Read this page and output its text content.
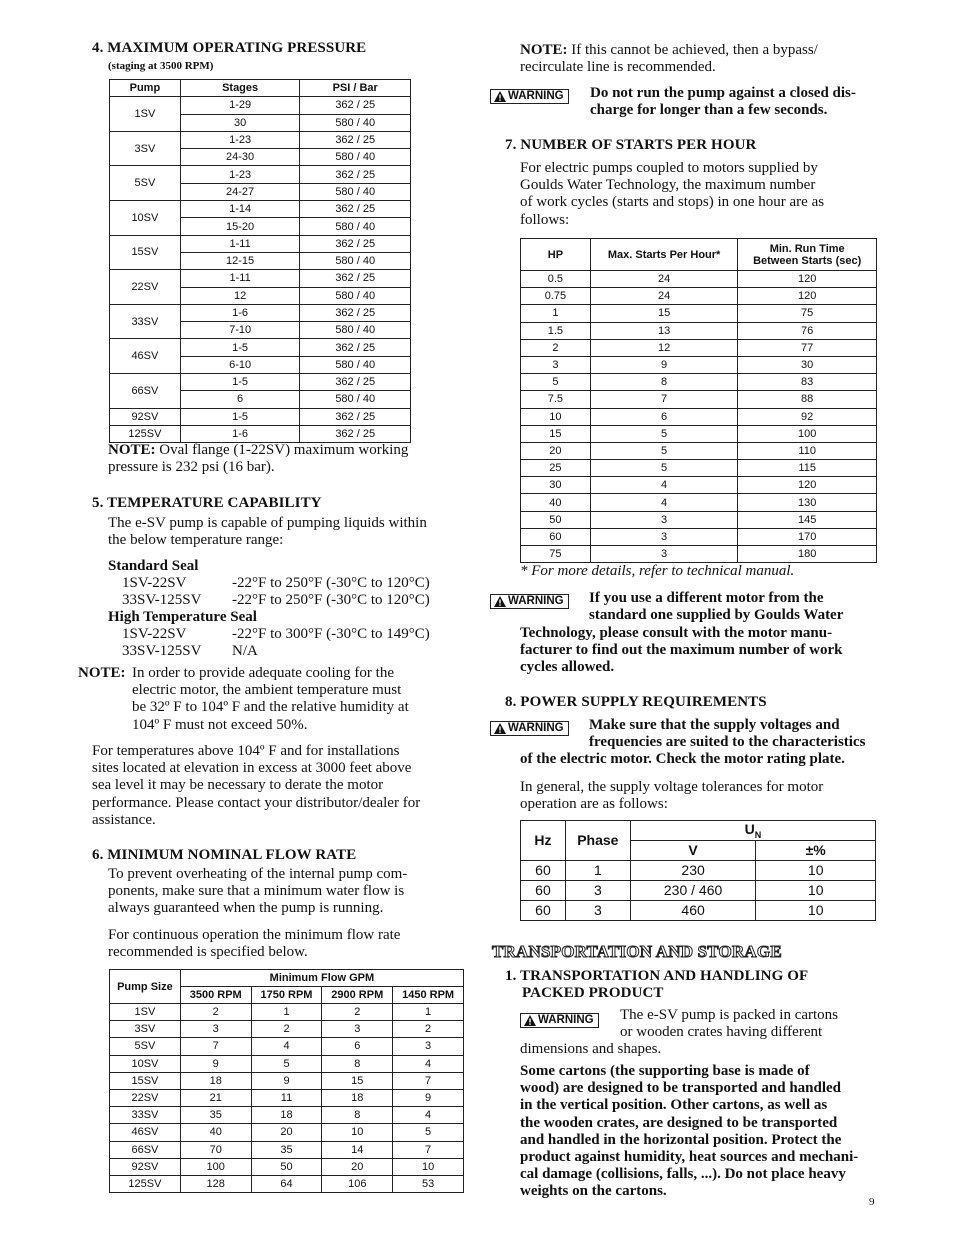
4. MAXIMUM OPERATING PRESSURE
(staging at 3500 RPM)
Pump	Stages	PSI / Bar
1SV	1-29	362 / 25
	30	580 / 40
3SV	1-23	362 / 25
	24-30	580 / 40
5SV	1-23	362 / 25
	24-27	580 / 40
10SV	1-14	362 / 25
	15-20	580 / 40
15SV	1-11	362 / 25
	12-15	580 / 40
22SV	1-11	362 / 25
	12	580 / 40
33SV	1-6	362 / 25
	7-10	580 / 40
46SV	1-5	362 / 25
	6-10	580 / 40
66SV	1-5	362 / 25
	6	580 / 40
92SV	1-5	362 / 25
125SV	1-6	362 / 25
NOTE: Oval flange (1-22SV) maximum working
pressure is 232 psi (16 bar).
5. TEMPERATURE CAPABILITY
The e-SV pump is capable of pumping liquids within
the below temperature range:
Standard Seal
1SV-22SV	-22°F to 250°F (-30°C to 120°C)
33SV-125SV -22°F to 250°F (-30°C to 120°C)
High Temperature Seal
1SV-22SV	-22°F to 300°F (-30°C to 149°C)
33SV-125SV N/A
NOTE: In order to provide adequate cooling for the
electric motor, the ambient temperature must
be 32º F to 104º F and the relative humidity at
104º F must not exceed 50%.
For temperatures above 104º F and for installations
sites located at elevation in excess at 3000 feet above
sea level it may be necessary to derate the motor
performance. Please contact your distributor/dealer for
assistance.
6. MINIMUM NOMINAL FLOW RATE
To prevent overheating of the internal pump com-
ponents, make sure that a minimum water flow is
always guaranteed when the pump is running.
For continuous operation the minimum flow rate
recommended is specified below.
Pump Size	Minimum Flow GPM			
	3500 RPM	1750 RPM	2900 RPM	1450 RPM
1SV	2	1	2	1
3SV	3	2	3	2
5SV	7	4	6	3
10SV	9	5	8	4
15SV	18	9	15	7
22SV	21	11	18	9
33SV	35	18	8	4
46SV	40	20	10	5
66SV	70	35	14	7
92SV	100	50	20	10
125SV	128	64	106	53
NOTE: If this cannot be achieved, then a bypass/
recirculate line is recommended.
WARNING Do not run the pump against a closed dis-
charge for longer than a few seconds.
7. NUMBER OF STARTS PER HOUR
For electric pumps coupled to motors supplied by
Goulds Water Technology, the maximum number
of work cycles (starts and stops) in one hour are as
follows:
HP	Max. Starts Per Hour*	Min. Run Time
Between Starts (sec)

0.5	24	120
0.75	24	120
1	15	75
1.5	13	76
2	12	77
3	9	30
5	8	83
7.5	7	88
10	6	92
15	5	100
20	5	110
25	5	115
30	4	120
40	4	130
50	3	145
60	3	170
75	3	180
* For more details, refer to technical manual.
WARNING If you use a different motor from the
standard one supplied by Goulds Water
Technology, please consult with the motor manu-
facturer to find out the maximum number of work
cycles allowed.
8. POWER SUPPLY REQUIREMENTS
WARNING Make sure that the supply voltages and
frequencies are suited to the characteristics
of the electric motor. Check the motor rating plate.
In general, the supply voltage tolerances for motor
operation are as follows:
Hz	Phase	$U_N$
		V	±%
60	1	230	10
60	3	230 / 460	10
60	3	460	10
TRANSPORTATION AND STORAGE
1. TRANSPORTATION AND HANDLING OF
PACKED PRODUCT
WARNING The e-SV pump is packed in cartons
or wooden crates having different
dimensions and shapes.
Some cartons (the supporting base is made of
wood) are designed to be transported and handled
in the vertical position. Other cartons, as well as
the wooden crates, are designed to be transported
and handled in the horizontal position. Protect the
product against humidity, heat sources and mechani-
cal damage (collisions, falls, ...). Do not place heavy
weights on the cartons.
9
